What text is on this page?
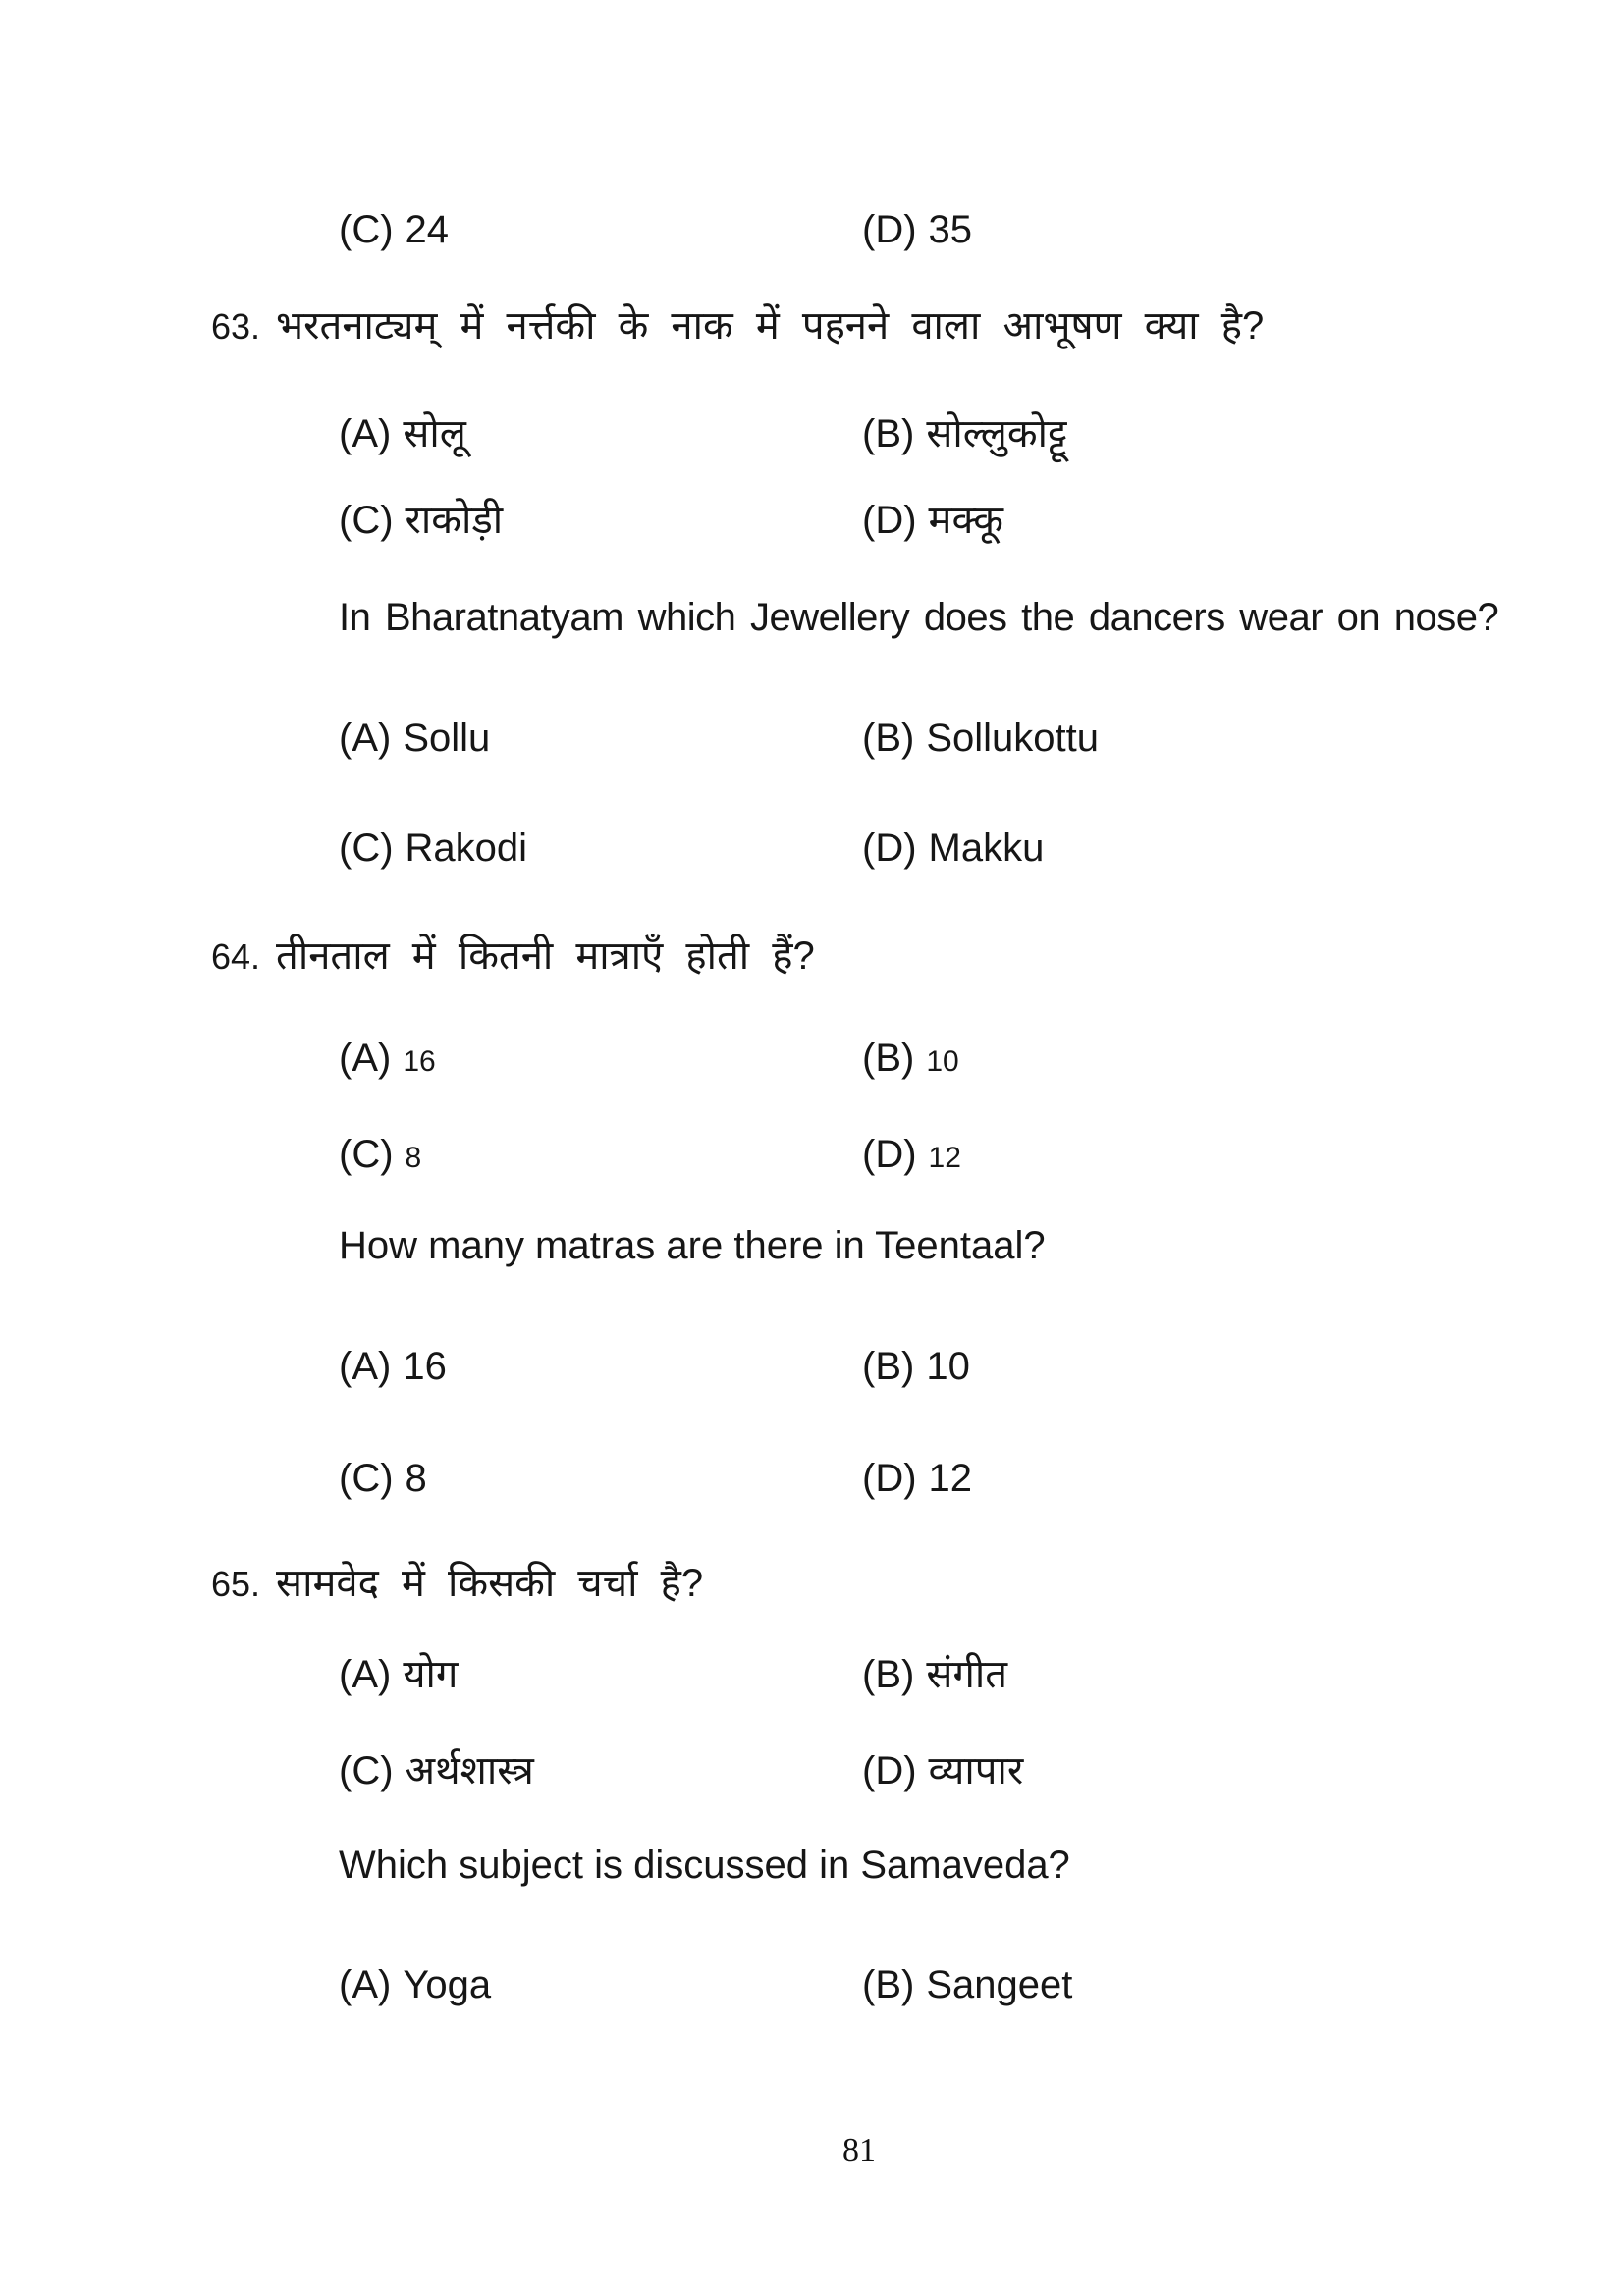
(C) 24	(D) 35
63. भरतनाट्यम् में नर्त्तकी के नाक में पहनने वाला आभूषण क्या है?
(A) सोलू	(B) सोल्लुकोट्टू
(C) राकोड़ी	(D) मक्कू
In Bharatnatyam which Jewellery does the dancers wear on nose?
(A) Sollu	(B) Sollukottu
(C) Rakodi	(D) Makku
64. तीनताल में कितनी मात्राएँ होती हैं?
(A) 16	(B) 10
(C) 8	(D) 12
How many matras are there in Teentaal?
(A) 16	(B) 10
(C) 8	(D) 12
65. सामवेद में किसकी चर्चा है?
(A) योग	(B) संगीत
(C) अर्थशास्त्र	(D) व्यापार
Which subject is discussed in Samaveda?
(A) Yoga	(B) Sangeet
81
